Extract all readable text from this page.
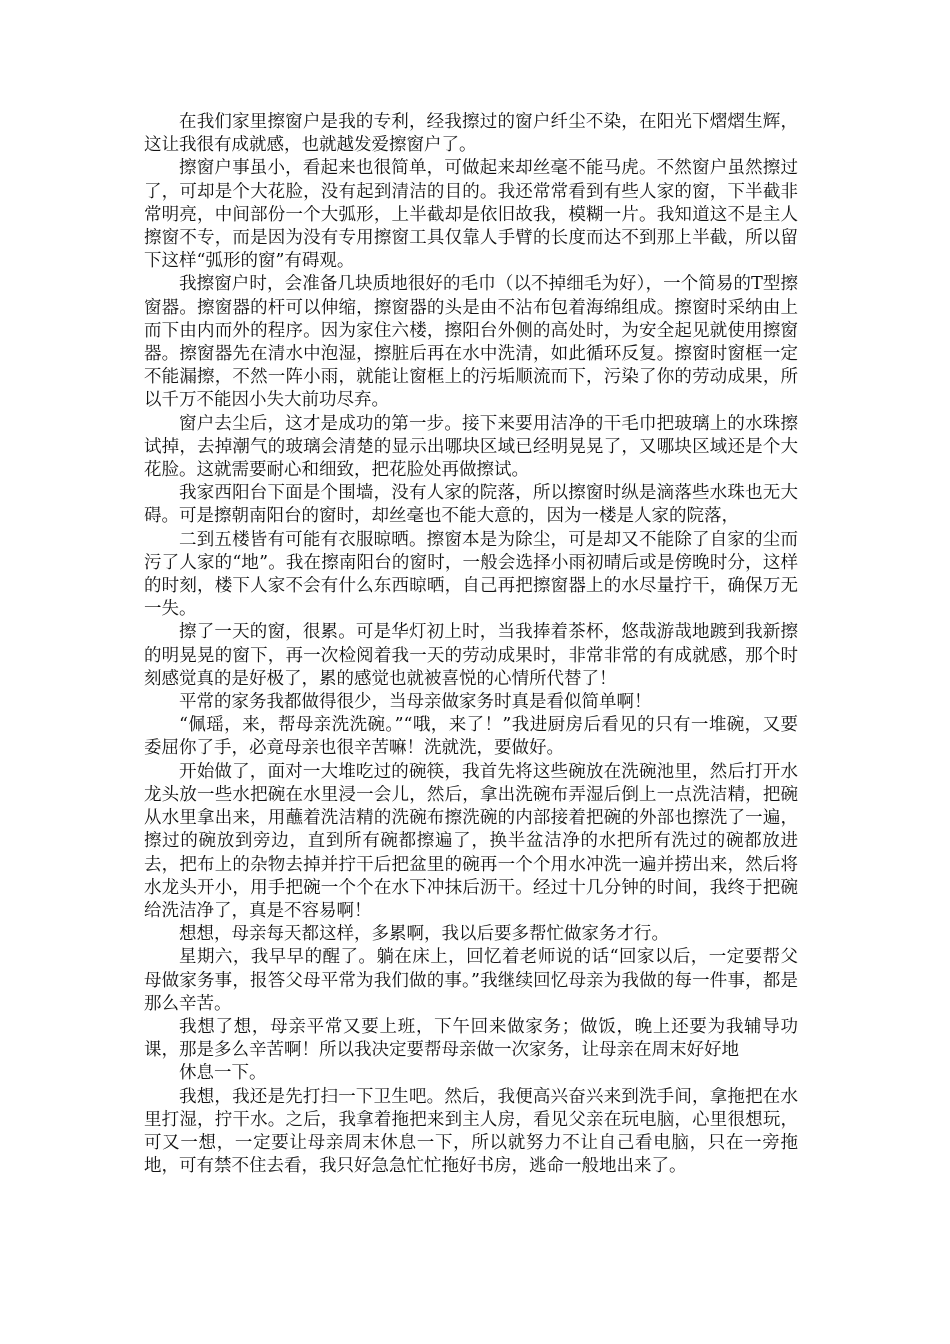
在我们家里擦窗户是我的专利，经我擦过的窗户纤尘不染，在阳光下熠熠生辉，这让我很有成就感，也就越发爱擦窗户了。

擦窗户事虽小，看起来也很简单，可做起来却丝毫不能马虎。不然窗户虽然擦过了，可却是个大花脸，没有起到清洁的目的。我还常常看到有些人家的窗，下半截非常明亮，中间部份一个大弧形，上半截却是依旧故我，模糊一片。我知道这不是主人擦窗不专，而是因为没有专用擦窗工具仅靠人手臂的长度而达不到那上半截，所以留下这样“弧形的窗”有碍观。

我擦窗户时，会准备几块质地很好的毛巾（以不掉细毛为好），一个简易的T型擦窗器。擦窗器的杆可以伸缩，擦窗器的头是由不沾布包着海绵组成。擦窗时采纳由上而下由内而外的程序。因为家住六楼，擦阳台外侧的高处时，为安全起见就使用擦窗器。擦窗器先在清水中泡湿，擦脏后再在水中洗清，如此循环反复。擦窗时窗框一定不能漏擦，不然一阵小雨，就能让窗框上的污垢顺流而下，污染了你的劳动成果，所以千万不能因小失大前功尽弃。

窗户去尘后，这才是成功的第一步。接下来要用洁净的干毛巾把玻璃上的水珠擦试掉，去掉潮气的玻璃会清楚的显示出哪块区域已经明晃晃了，又哪块区域还是个大花脸。这就需要耐心和细致，把花脸处再做擦试。

我家西阳台下面是个围墙，没有人家的院落，所以擦窗时纵是滴落些水珠也无大碍。可是擦朝南阳台的窗时，却丝毫也不能大意的，因为一楼是人家的院落，

二到五楼皆有可能有衣服晾晒。擦窗本是为除尘，可是却又不能除了自家的尘而污了人家的“地”。我在擦南阳台的窗时，一般会选择小雨初晴后或是傍晚时分，这样的时刻，楼下人家不会有什么东西晾晒，自己再把擦窗器上的水尽量拧干，确保万无一失。

擦了一天的窗，很累。可是华灯初上时，当我捧着茶杯，悠哉游哉地踱到我新擦的明晃晃的窗下，再一次检阅着我一天的劳动成果时，非常非常的有成就感，那个时刻感觉真的是好极了，累的感觉也就被喜悦的心情所代替了！

平常的家务我都做得很少，当母亲做家务时真是看似简单啊！

“佩瑶，来，帮母亲洗洗碗。”“哦，来了！”我进厨房后看见的只有一堆碗，又要委屈你了手，必竟母亲也很辛苦嘛！洗就洗，要做好。

开始做了，面对一大堆吃过的碗筷，我首先将这些碗放在洗碗池里，然后打开水龙头放一些水把碗在水里浸一会儿，然后，拿出洗碗布弄湿后倒上一点洗洁精，把碗从水里拿出来，用蘸着洗洁精的洗碗布擦洗碗的内部接着把碗的外部也擦洗了一遍，擦过的碗放到旁边，直到所有碗都擦遍了，换半盆洁净的水把所有洗过的碗都放进去，把布上的杂物去掉并拧干后把盆里的碗再一个个用水冲洗一遍并捞出来，然后将水龙头开小，用手把碗一个个在水下冲抹后沥干。经过十几分钟的时间，我终于把碗给洗洁净了，真是不容易啊！

想想，母亲每天都这样，多累啊，我以后要多帮忙做家务才行。

星期六，我早早的醒了。躺在床上，回忆着老师说的话“回家以后，一定要帮父母做家务事，报答父母平常为我们做的事。”我继续回忆母亲为我做的每一件事，都是那么辛苦。

我想了想，母亲平常又要上班，下午回来做家务；做饭，晚上还要为我辅导功课，那是多么辛苦啊！所以我决定要帮母亲做一次家务，让母亲在周末好好地

休息一下。

我想，我还是先打扫一下卫生吧。然后，我便高兴奋兴来到洗手间，拿拖把在水里打湿，拧干水。之后，我拿着拖把来到主人房，看见父亲在玩电脑，心里很想玩，可又一想，一定要让母亲周末休息一下，所以就努力不让自己看电脑，只在一旁拖地，可有禁不住去看，我只好急急忙忙拖好书房，逃命一般地出来了。
